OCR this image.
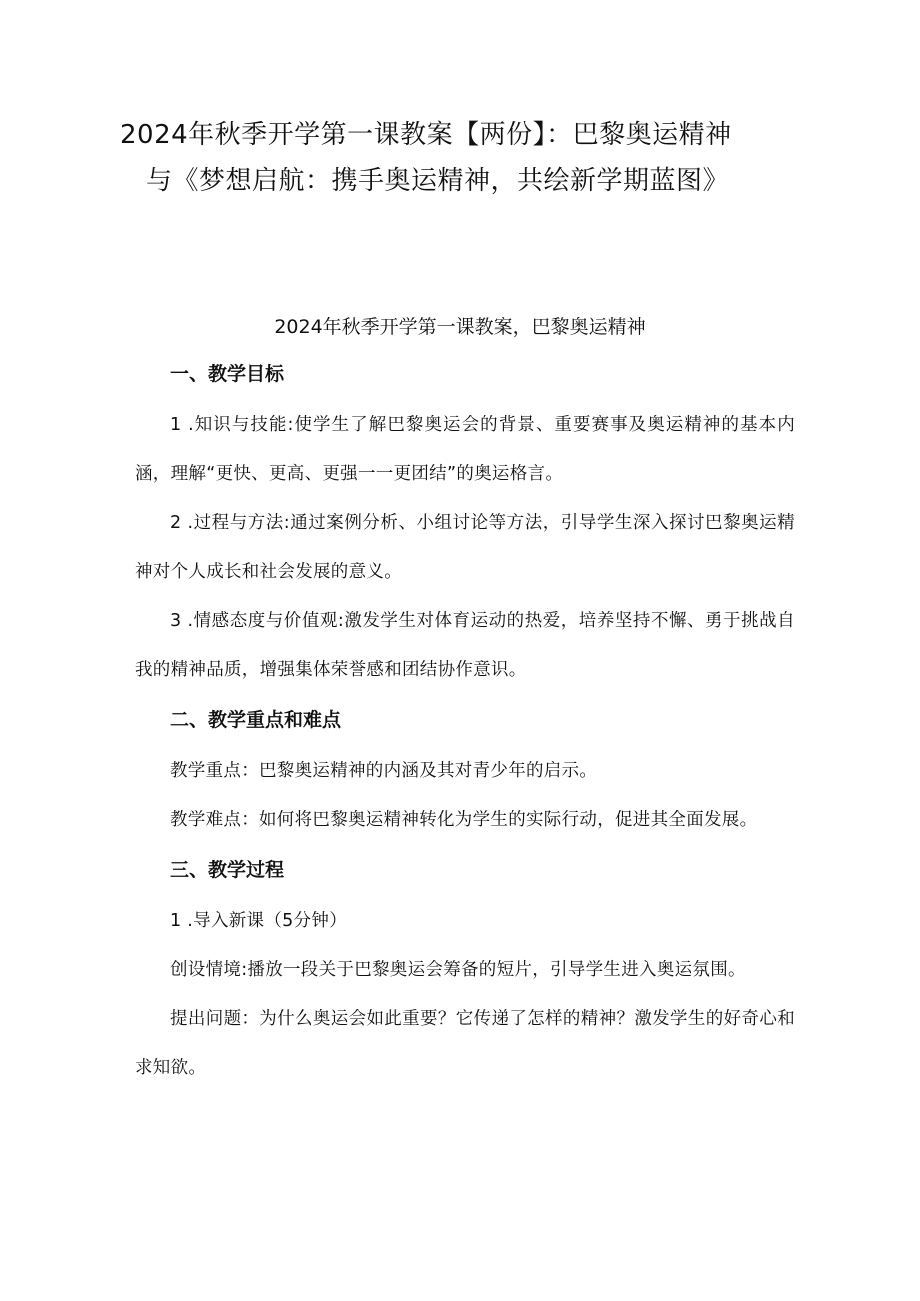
2024年秋季开学第一课教案【两份】：巴黎奥运精神
与《梦想启航：携手奥运精神，共绘新学期蓝图》
2024年秋季开学第一课教案，巴黎奥运精神
一、教学目标

1 .知识与技能:使学生了解巴黎奥运会的背景、重要赛事及奥运精神的基本内涵，理解“更快、更高、更强一一更团结”的奥运格言。

2 .过程与方法:通过案例分析、小组讨论等方法，引导学生深入探讨巴黎奥运精神对个人成长和社会发展的意义。

3 .情感态度与价值观:激发学生对体育运动的热爱，培养坚持不懈、勇于挑战自我的精神品质，增强集体荣誉感和团结协作意识。

二、教学重点和难点

教学重点：巴黎奥运精神的内涵及其对青少年的启示。

教学难点：如何将巴黎奥运精神转化为学生的实际行动，促进其全面发展。

三、教学过程

1 .导入新课（5分钟）

创设情境:播放一段关于巴黎奥运会筹备的短片，引导学生进入奥运氛围。

提出问题：为什么奥运会如此重要？它传递了怎样的精神？激发学生的好奇心和求知欲。
